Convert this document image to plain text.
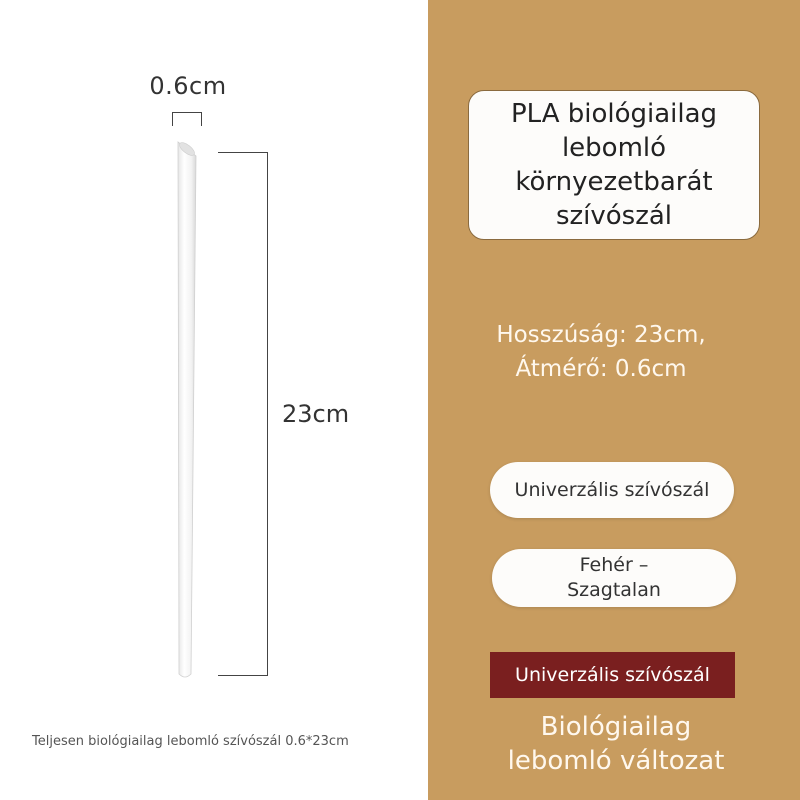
0.6cm
23cm
Teljesen biológiailag lebomló szívószál 0.6*23cm
PLA biológiailag lebomló környezetbarát szívószál
Hosszúság: 23cm,
Átmérő: 0.6cm
Univerzális szívószál
Fehér –
Szagtalan
Univerzális szívószál
Biológiailag
lebomló változat
